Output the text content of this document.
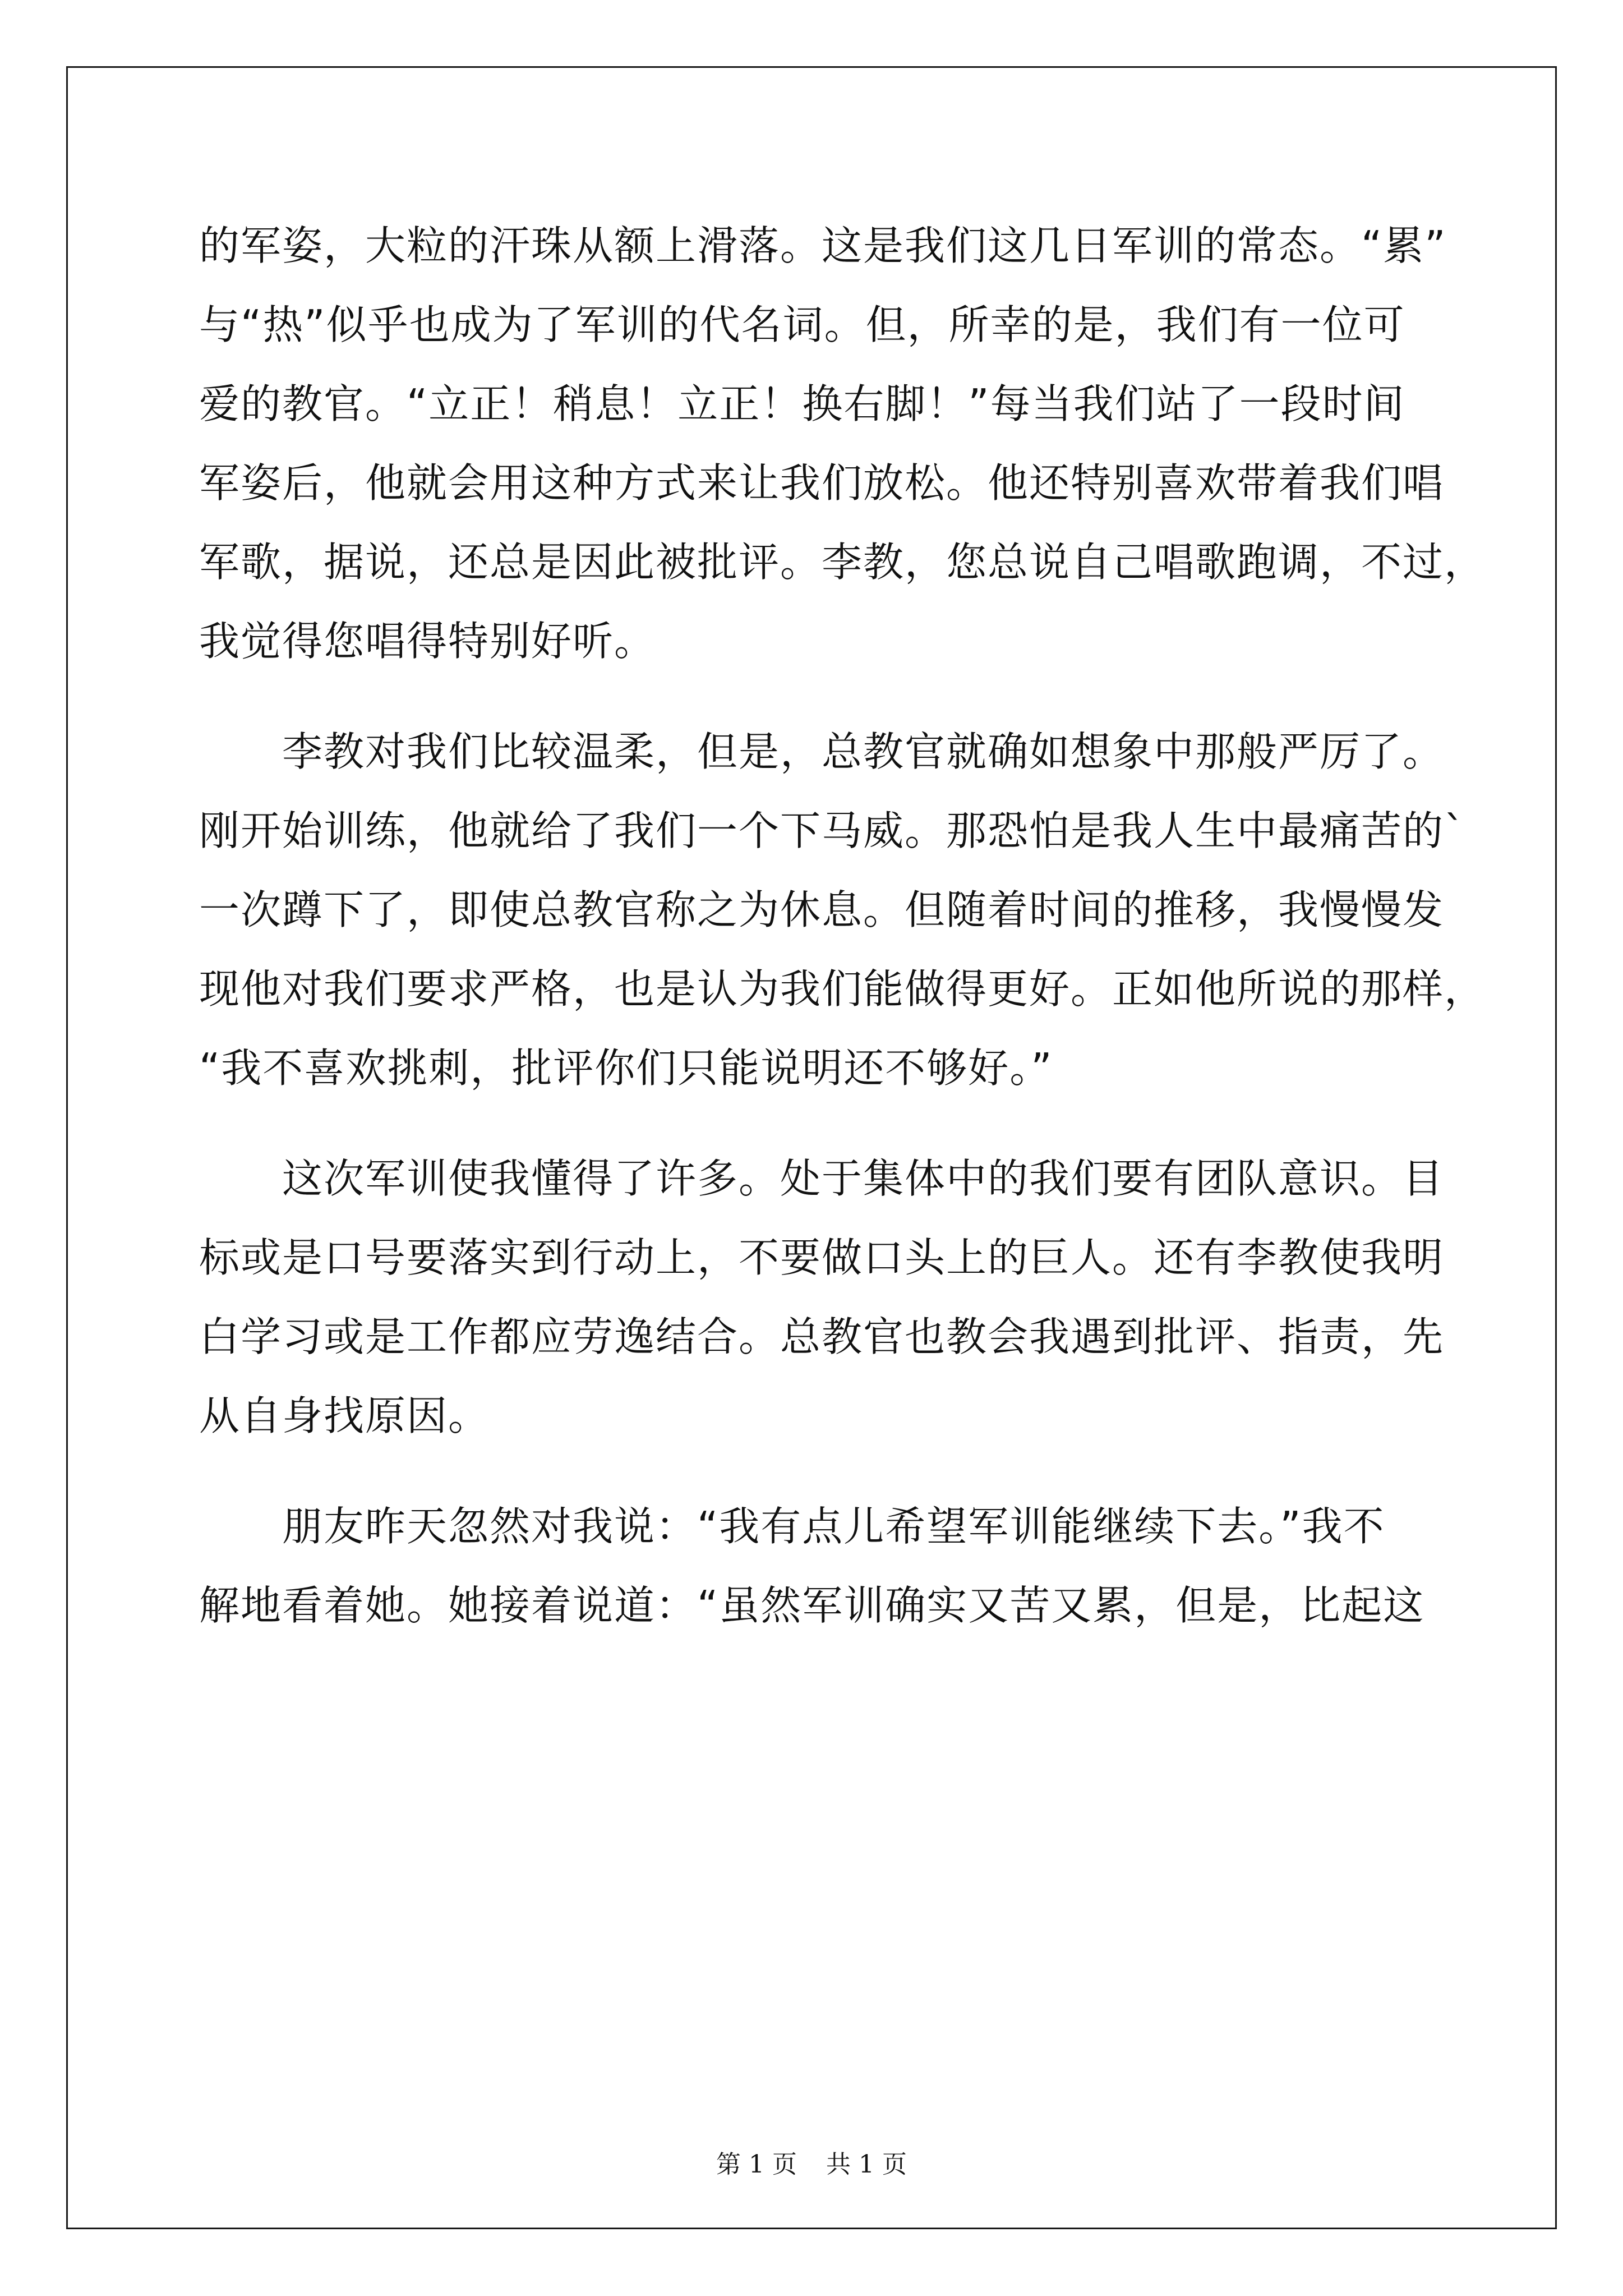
的军姿，大粒的汗珠从额上滑落。这是我们这几日军训的常态。“累”
与“热”似乎也成为了军训的代名词。但，所幸的是，我们有一位可
爱的教官。“立正！稍息！立正！换右脚！”每当我们站了一段时间
军姿后，他就会用这种方式来让我们放松。他还特别喜欢带着我们唱
军歌，据说，还总是因此被批评。李教，您总说自己唱歌跑调，不过，
我觉得您唱得特别好听。
李教对我们比较温柔，但是，总教官就确如想象中那般严厉了。
刚开始训练，他就给了我们一个下马威。那恐怕是我人生中最痛苦的`
一次蹲下了，即使总教官称之为休息。但随着时间的推移，我慢慢发
现他对我们要求严格，也是认为我们能做得更好。正如他所说的那样，
“我不喜欢挑刺，批评你们只能说明还不够好。”
这次军训使我懂得了许多。处于集体中的我们要有团队意识。目
标或是口号要落实到行动上，不要做口头上的巨人。还有李教使我明
白学习或是工作都应劳逸结合。总教官也教会我遇到批评、指责，先
从自身找原因。
朋友昨天忽然对我说：“我有点儿希望军训能继续下去。”我不
解地看着她。她接着说道：“虽然军训确实又苦又累，但是，比起这
第 1 页 共 1 页
